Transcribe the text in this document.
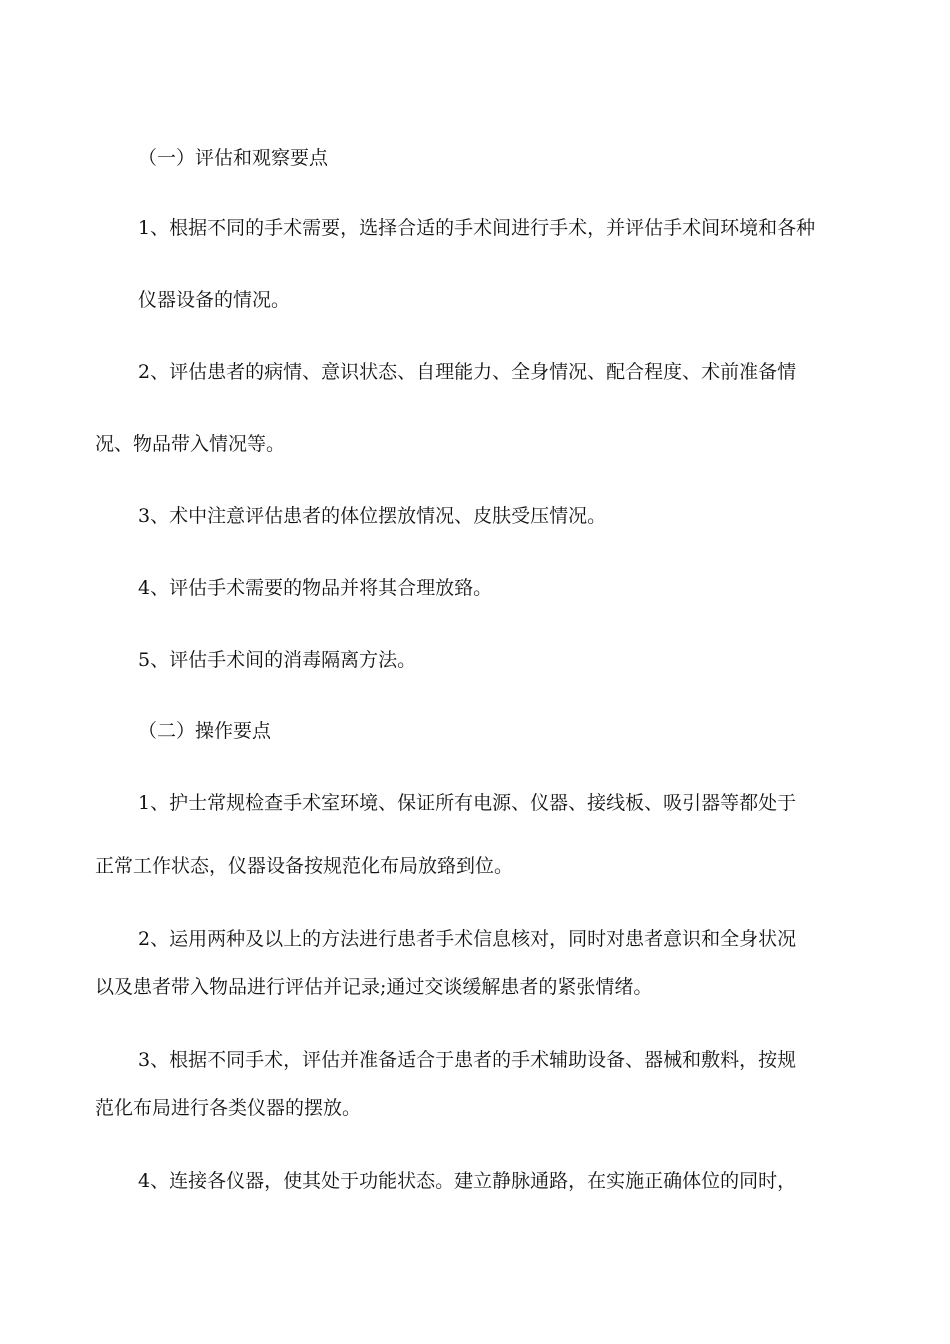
（一）评估和观察要点

1、根据不同的手术需要，选择合适的手术间进行手术，并评估手术间环境和各种

仪器设备的情况。

2、评估患者的病情、意识状态、自理能力、全身情况、配合程度、术前准备情

况、物品带入情况等。

3、术中注意评估患者的体位摆放情况、皮肤受压情况。

4、评估手术需要的物品并将其合理放臵。

5、评估手术间的消毒隔离方法。

（二）操作要点

1、护士常规检查手术室环境、保证所有电源、仪器、接线板、吸引器等都处于

正常工作状态，仪器设备按规范化布局放臵到位。

2、运用两种及以上的方法进行患者手术信息核对，同时对患者意识和全身状况

以及患者带入物品进行评估并记录;通过交谈缓解患者的紧张情绪。

3、根据不同手术，评估并准备适合于患者的手术辅助设备、器械和敷料，按规

范化布局进行各类仪器的摆放。

4、连接各仪器，使其处于功能状态。建立静脉通路，在实施正确体位的同时，
